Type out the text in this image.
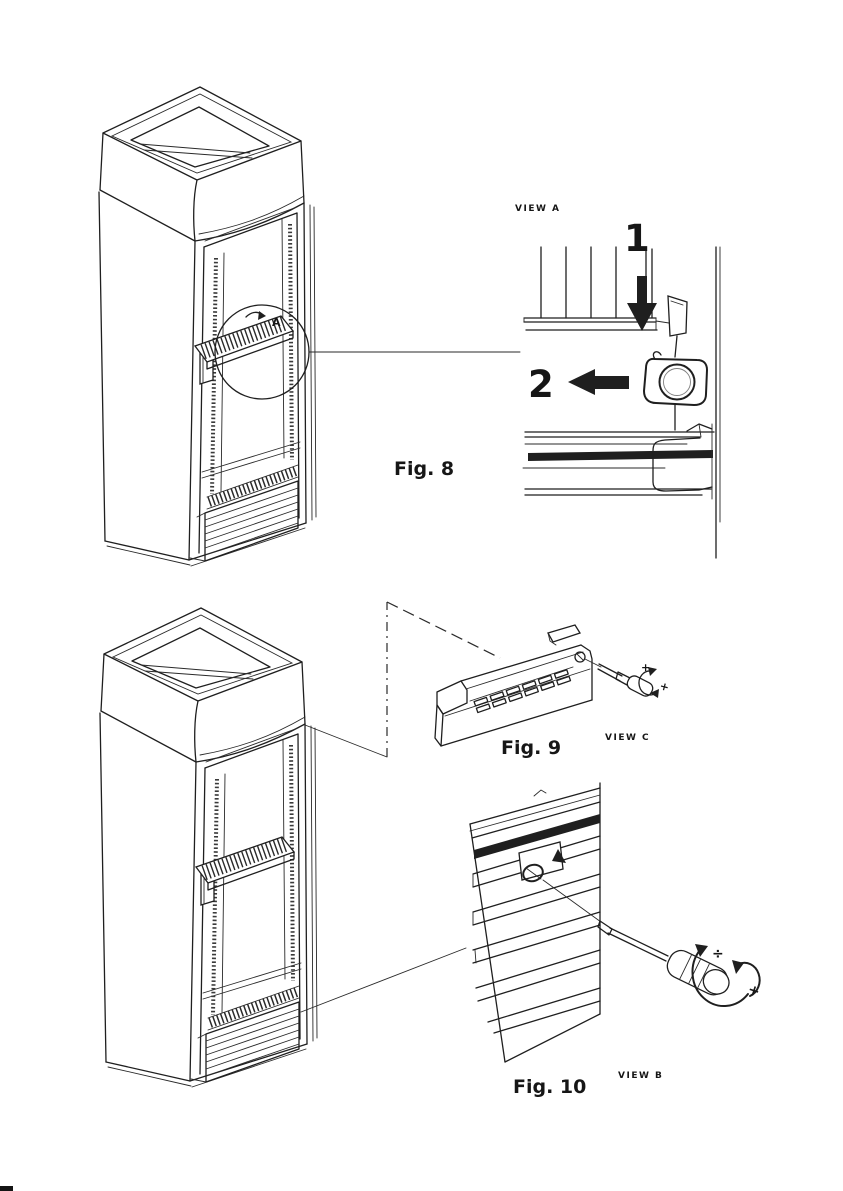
A
VIEW A
1
2
Fig. 8
+
+
VIEW C
Fig. 9
÷
+
VIEW B
Fig. 10
